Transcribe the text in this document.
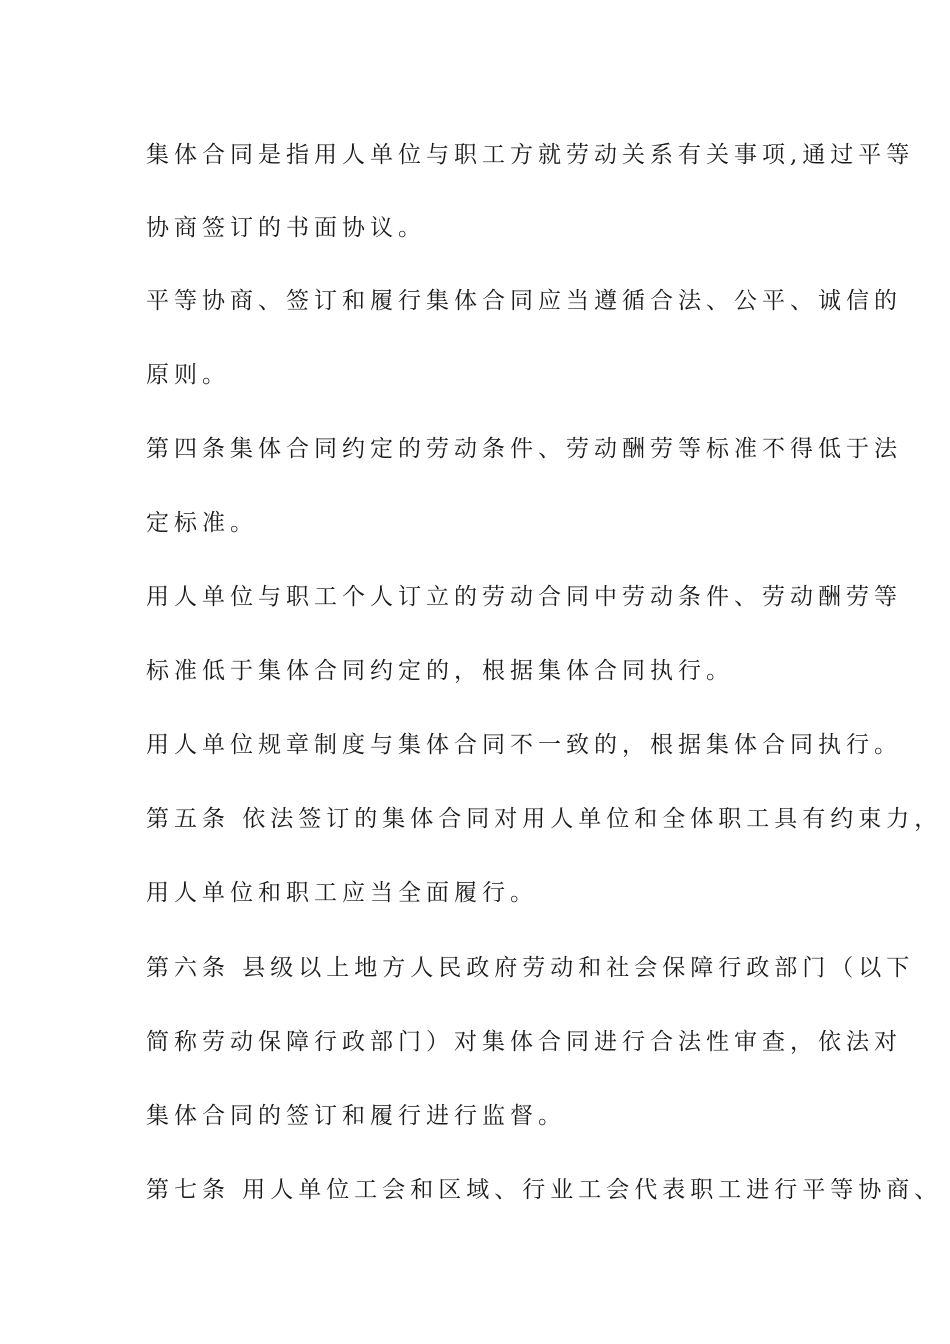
集体合同是指用人单位与职工方就劳动关系有关事项,通过平等
协商签订的书面协议。
平等协商、签订和履行集体合同应当遵循合法、公平、诚信的
原则。
第四条集体合同约定的劳动条件、劳动酬劳等标准不得低于法
定标准。
用人单位与职工个人订立的劳动合同中劳动条件、劳动酬劳等
标准低于集体合同约定的，根据集体合同执行。
用人单位规章制度与集体合同不一致的，根据集体合同执行。
第五条 依法签订的集体合同对用人单位和全体职工具有约束力，
用人单位和职工应当全面履行。
第六条 县级以上地方人民政府劳动和社会保障行政部门（以下
简称劳动保障行政部门）对集体合同进行合法性审查，依法对
集体合同的签订和履行进行监督。
第七条 用人单位工会和区域、行业工会代表职工进行平等协商、
